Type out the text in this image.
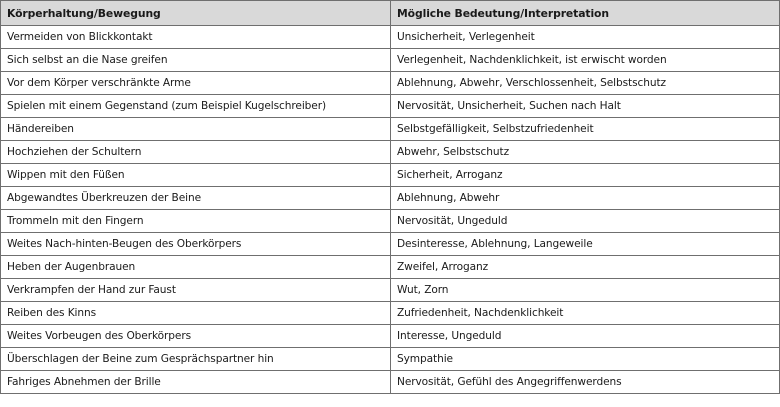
Körperhaltung/Bewegung	Mögliche Bedeutung/Interpretation
Vermeiden von Blickkontakt	Unsicherheit, Verlegenheit
Sich selbst an die Nase greifen	Verlegenheit, Nachdenklichkeit, ist erwischt worden
Vor dem Körper verschränkte Arme	Ablehnung, Abwehr, Verschlossenheit, Selbstschutz
Spielen mit einem Gegenstand (zum Beispiel Kugelschreiber)	Nervosität, Unsicherheit, Suchen nach Halt
Händereiben	Selbstgefälligkeit, Selbstzufriedenheit
Hochziehen der Schultern	Abwehr, Selbstschutz
Wippen mit den Füßen	Sicherheit, Arroganz
Abgewandtes Überkreuzen der Beine	Ablehnung, Abwehr
Trommeln mit den Fingern	Nervosität, Ungeduld
Weites Nach-hinten-Beugen des Oberkörpers	Desinteresse, Ablehnung, Langeweile
Heben der Augenbrauen	Zweifel, Arroganz
Verkrampfen der Hand zur Faust	Wut, Zorn
Reiben des Kinns	Zufriedenheit, Nachdenklichkeit
Weites Vorbeugen des Oberkörpers	Interesse, Ungeduld
Überschlagen der Beine zum Gesprächspartner hin	Sympathie
Fahriges Abnehmen der Brille	Nervosität, Gefühl des Angegriffenwerdens
